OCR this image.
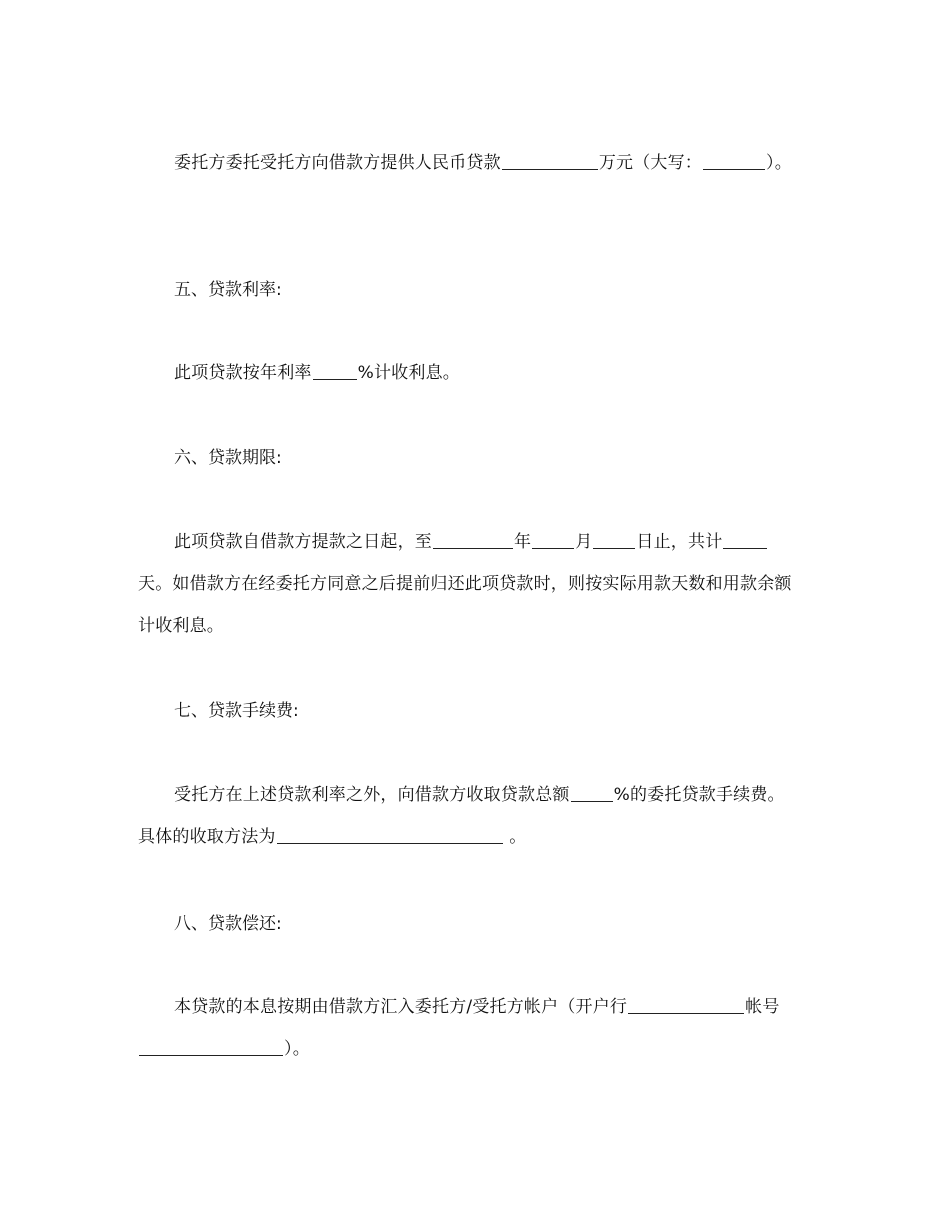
委托方委托受托方向借款方提供人民币贷款	万元（大写：	）。

五、贷款利率:

此项贷款按年利率	%计收利息。

六、贷款期限:

此项贷款自借款方提款之日起，至	年	月	日止，共计天。如借款方在经委托方同意之后提前归还此项贷款时，则按实际用款天数和用款余额计收利息。

七、贷款手续费:

受托方在上述贷款利率之外，向借款方收取贷款总额	%的委托贷款手续费。具体的收取方法为	。

八、贷款偿还:

本贷款的本息按期由借款方汇入委托方/受托方帐户（开户行	帐号）。
